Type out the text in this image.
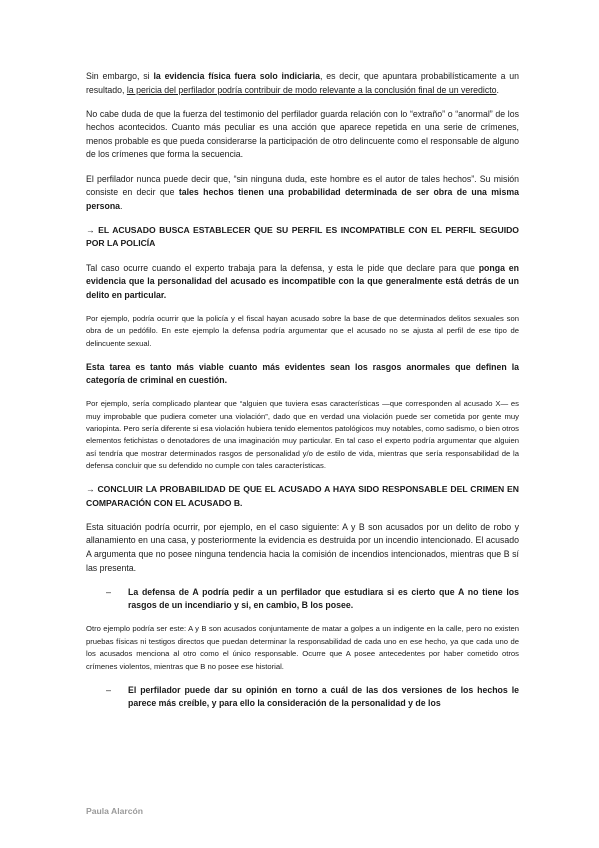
Sin embargo, si la evidencia física fuera solo indiciaria, es decir, que apuntara probabilísticamente a un resultado, la pericia del perfilador podría contribuir de modo relevante a la conclusión final de un veredicto.

No cabe duda de que la fuerza del testimonio del perfilador guarda relación con lo “extraño” o “anormal” de los hechos acontecidos. Cuanto más peculiar es una acción que aparece repetida en una serie de crímenes, menos probable es que pueda considerarse la participación de otro delincuente como el responsable de alguno de los crímenes que forma la secuencia.

El perfilador nunca puede decir que, “sin ninguna duda, este hombre es el autor de tales hechos”. Su misión consiste en decir que tales hechos tienen una probabilidad determinada de ser obra de una misma persona.

→ EL ACUSADO BUSCA ESTABLECER QUE SU PERFIL ES INCOMPATIBLE CON EL PERFIL SEGUIDO POR LA POLICÍA

Tal caso ocurre cuando el experto trabaja para la defensa, y esta le pide que declare para que ponga en evidencia que la personalidad del acusado es incompatible con la que generalmente está detrás de un delito en particular.

Por ejemplo, podría ocurrir que la policía y el fiscal hayan acusado sobre la base de que determinados delitos sexuales son obra de un pedófilo. En este ejemplo la defensa podría argumentar que el acusado no se ajusta al perfil de ese tipo de delincuente sexual.

Esta tarea es tanto más viable cuanto más evidentes sean los rasgos anormales que definen la categoría de criminal en cuestión.

Por ejemplo, sería complicado plantear que “alguien que tuviera esas características —que corresponden al acusado X— es muy improbable que pudiera cometer una violación”, dado que en verdad una violación puede ser cometida por gente muy variopinta. Pero sería diferente si esa violación hubiera tenido elementos patológicos muy notables, como sadismo, o bien otros elementos fetichistas o denotadores de una imaginación muy particular. En tal caso el experto podría argumentar que alguien así tendría que mostrar determinados rasgos de personalidad y/o de estilo de vida, mientras que sería responsabilidad de la defensa concluir que su defendido no cumple con tales características.

→ CONCLUIR LA PROBABILIDAD DE QUE EL ACUSADO A HAYA SIDO RESPONSABLE DEL CRIMEN EN COMPARACIÓN CON EL ACUSADO B.

Esta situación podría ocurrir, por ejemplo, en el caso siguiente: A y B son acusados por un delito de robo y allanamiento en una casa, y posteriormente la evidencia es destruida por un incendio intencionado. El acusado A argumenta que no posee ninguna tendencia hacia la comisión de incendios intencionados, mientras que B sí las presenta.

–	La defensa de A podría pedir a un perfilador que estudiara si es cierto que A no tiene los rasgos de un incendiario y si, en cambio, B los posee.

Otro ejemplo podría ser este: A y B son acusados conjuntamente de matar a golpes a un indigente en la calle, pero no existen pruebas físicas ni testigos directos que puedan determinar la responsabilidad de cada uno en ese hecho, ya que cada uno de los acusados menciona al otro como el único responsable. Ocurre que A posee antecedentes por haber cometido otros crímenes violentos, mientras que B no posee ese historial.

–	El perfilador puede dar su opinión en torno a cuál de las dos versiones de los hechos le parece más creíble, y para ello la consideración de la personalidad y de los
Paula Alarcón
